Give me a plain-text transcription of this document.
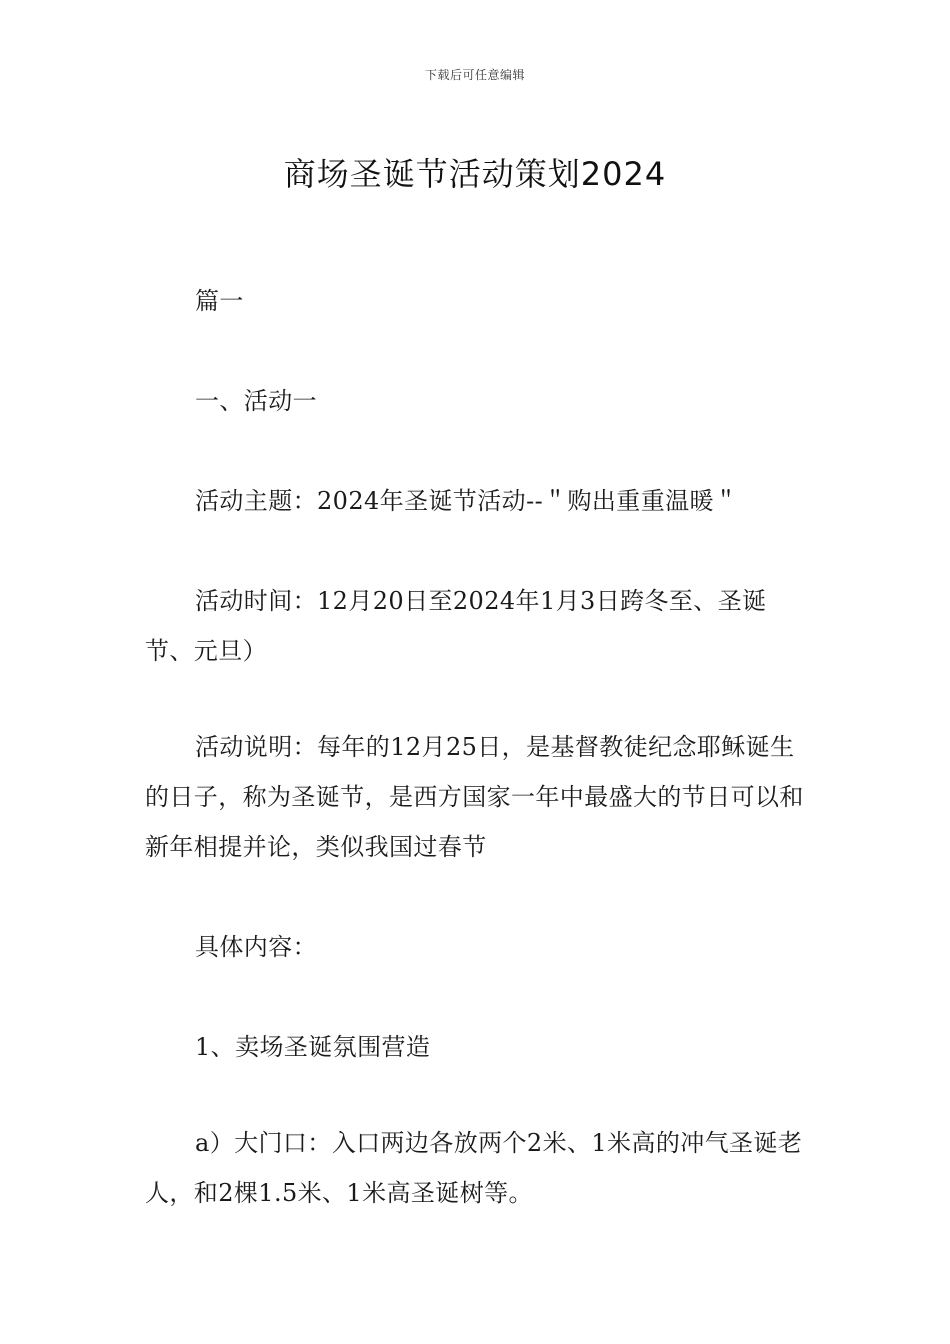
下载后可任意编辑
商场圣诞节活动策划2024

篇一

一、活动一

活动主题：2024年圣诞节活动--＂购出重重温暖＂

活动时间：12月20日至2024年1月3日跨冬至、圣诞节、元旦）

活动说明：每年的12月25日，是基督教徒纪念耶稣诞生的日子，称为圣诞节，是西方国家一年中最盛大的节日可以和新年相提并论，类似我国过春节

具体内容：

1、卖场圣诞氛围营造

a）大门口：入口两边各放两个2米、1米高的冲气圣诞老人，和2棵1.5米、1米高圣诞树等。
